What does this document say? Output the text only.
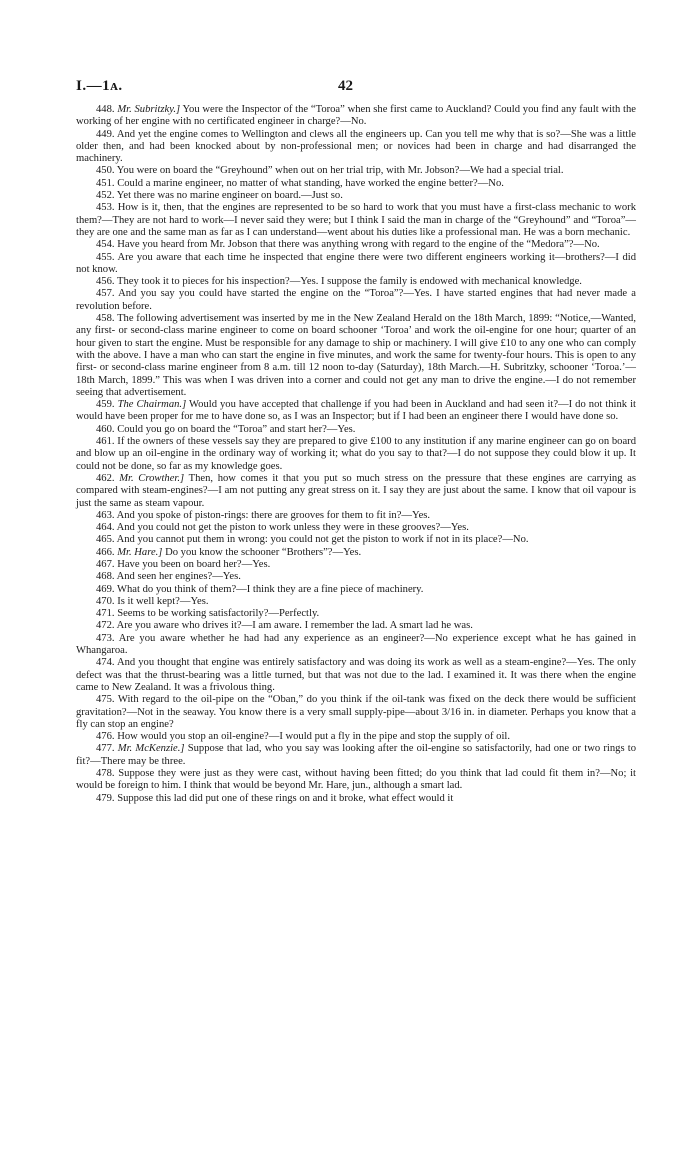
I.—1ᴀ.	42

448. Mr. Subritzky.] You were the Inspector of the “Toroa” when she first came to Auckland? Could you find any fault with the working of her engine with no certificated engineer in charge?—No.

449. And yet the engine comes to Wellington and clews all the engineers up. Can you tell me why that is so?—She was a little older then, and had been knocked about by non-professional men; or novices had been in charge and had disarranged the machinery.

450. You were on board the “Greyhound” when out on her trial trip, with Mr. Jobson?—We had a special trial.

451. Could a marine engineer, no matter of what standing, have worked the engine better?—No.

452. Yet there was no marine engineer on board.—Just so.

453. How is it, then, that the engines are represented to be so hard to work that you must have a first-class mechanic to work them?—They are not hard to work—I never said they were; but I think I said the man in charge of the “Greyhound” and “Toroa”—they are one and the same man as far as I can understand—went about his duties like a professional man. He was a born mechanic.

454. Have you heard from Mr. Jobson that there was anything wrong with regard to the engine of the “Medora”?—No.

455. Are you aware that each time he inspected that engine there were two different engineers working it—brothers?—I did not know.

456. They took it to pieces for his inspection?—Yes. I suppose the family is endowed with mechanical knowledge.

457. And you say you could have started the engine on the “Toroa”?—Yes. I have started engines that had never made a revolution before.

458. The following advertisement was inserted by me in the New Zealand Herald on the 18th March, 1899: “Notice,—Wanted, any first- or second-class marine engineer to come on board schooner ‘Toroa’ and work the oil-engine for one hour; quarter of an hour given to start the engine. Must be responsible for any damage to ship or machinery. I will give £10 to any one who can comply with the above. I have a man who can start the engine in five minutes, and work the same for twenty-four hours. This is open to any first- or second-class marine engineer from 8 a.m. till 12 noon to-day (Saturday), 18th March.—H. Subritzky, schooner ‘Toroa.’—18th March, 1899.” This was when I was driven into a corner and could not get any man to drive the engine.—I do not remember seeing that advertisement.

459. The Chairman.] Would you have accepted that challenge if you had been in Auckland and had seen it?—I do not think it would have been proper for me to have done so, as I was an Inspector; but if I had been an engineer there I would have done so.

460. Could you go on board the “Toroa” and start her?—Yes.

461. If the owners of these vessels say they are prepared to give £100 to any institution if any marine engineer can go on board and blow up an oil-engine in the ordinary way of working it; what do you say to that?—I do not suppose they could blow it up. It could not be done, so far as my knowledge goes.

462. Mr. Crowther.] Then, how comes it that you put so much stress on the pressure that these engines are carrying as compared with steam-engines?—I am not putting any great stress on it. I say they are just about the same. I know that oil vapour is just the same as steam vapour.

463. And you spoke of piston-rings: there are grooves for them to fit in?—Yes.

464. And you could not get the piston to work unless they were in these grooves?—Yes.

465. And you cannot put them in wrong: you could not get the piston to work if not in its place?—No.

466. Mr. Hare.] Do you know the schooner “Brothers”?—Yes.

467. Have you been on board her?—Yes.

468. And seen her engines?—Yes.

469. What do you think of them?—I think they are a fine piece of machinery.

470. Is it well kept?—Yes.

471. Seems to be working satisfactorily?—Perfectly.

472. Are you aware who drives it?—I am aware. I remember the lad. A smart lad he was.

473. Are you aware whether he had had any experience as an engineer?—No experience except what he has gained in Whangaroa.

474. And you thought that engine was entirely satisfactory and was doing its work as well as a steam-engine?—Yes. The only defect was that the thrust-bearing was a little turned, but that was not due to the lad. I examined it. It was there when the engine came to New Zealand. It was a frivolous thing.

475. With regard to the oil-pipe on the “Oban,” do you think if the oil-tank was fixed on the deck there would be sufficient gravitation?—Not in the seaway. You know there is a very small supply-pipe—about 3/16 in. in diameter. Perhaps you know that a fly can stop an engine?

476. How would you stop an oil-engine?—I would put a fly in the pipe and stop the supply of oil.

477. Mr. McKenzie.] Suppose that lad, who you say was looking after the oil-engine so satisfactorily, had one or two rings to fit?—There may be three.

478. Suppose they were just as they were cast, without having been fitted; do you think that lad could fit them in?—No; it would be foreign to him. I think that would be beyond Mr. Hare, jun., although a smart lad.

479. Suppose this lad did put one of these rings on and it broke, what effect would it
